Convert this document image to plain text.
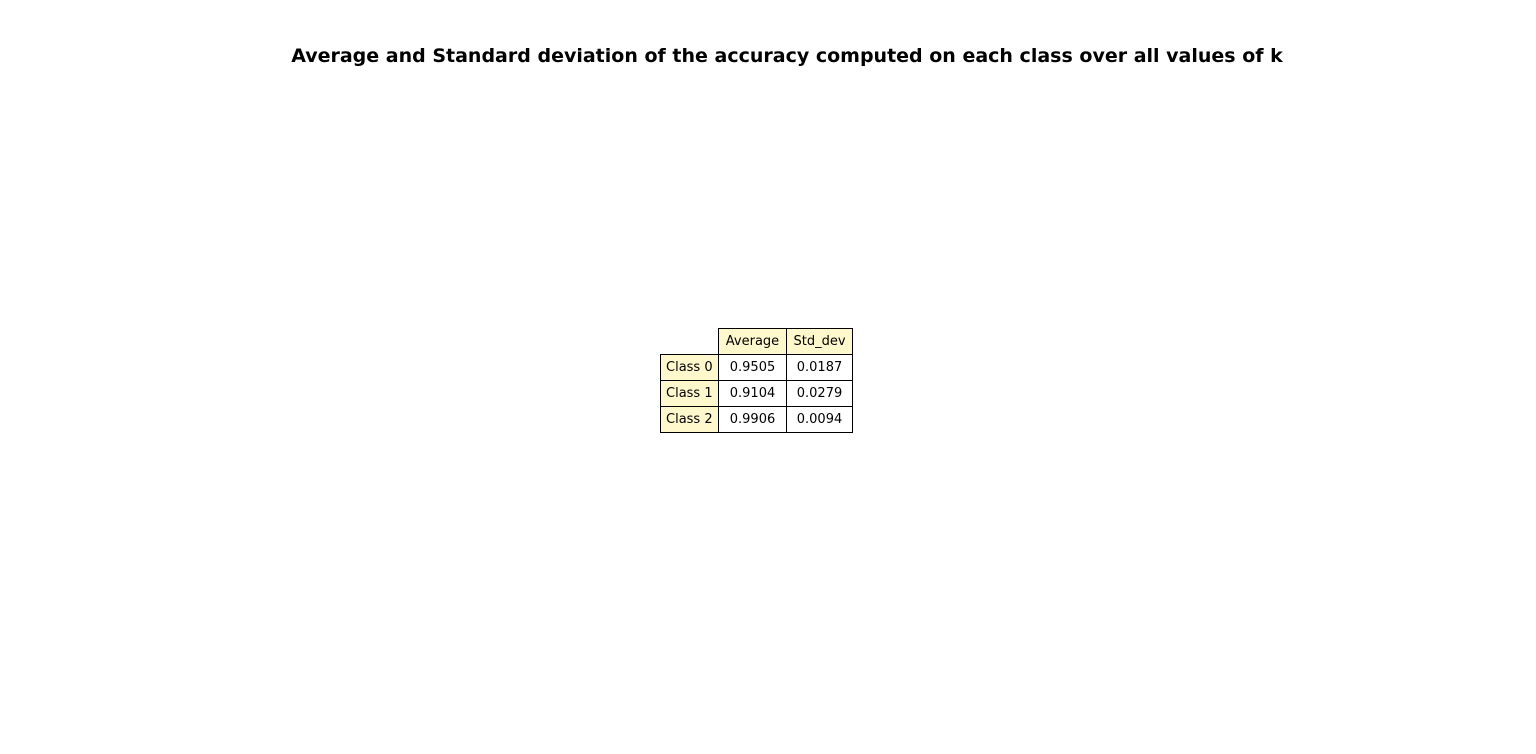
Average and Standard deviation of the accuracy computed on each class over all values of k
	Average	Std_dev
Class 0	0.9505	0.0187
Class 1	0.9104	0.0279
Class 2	0.9906	0.0094
